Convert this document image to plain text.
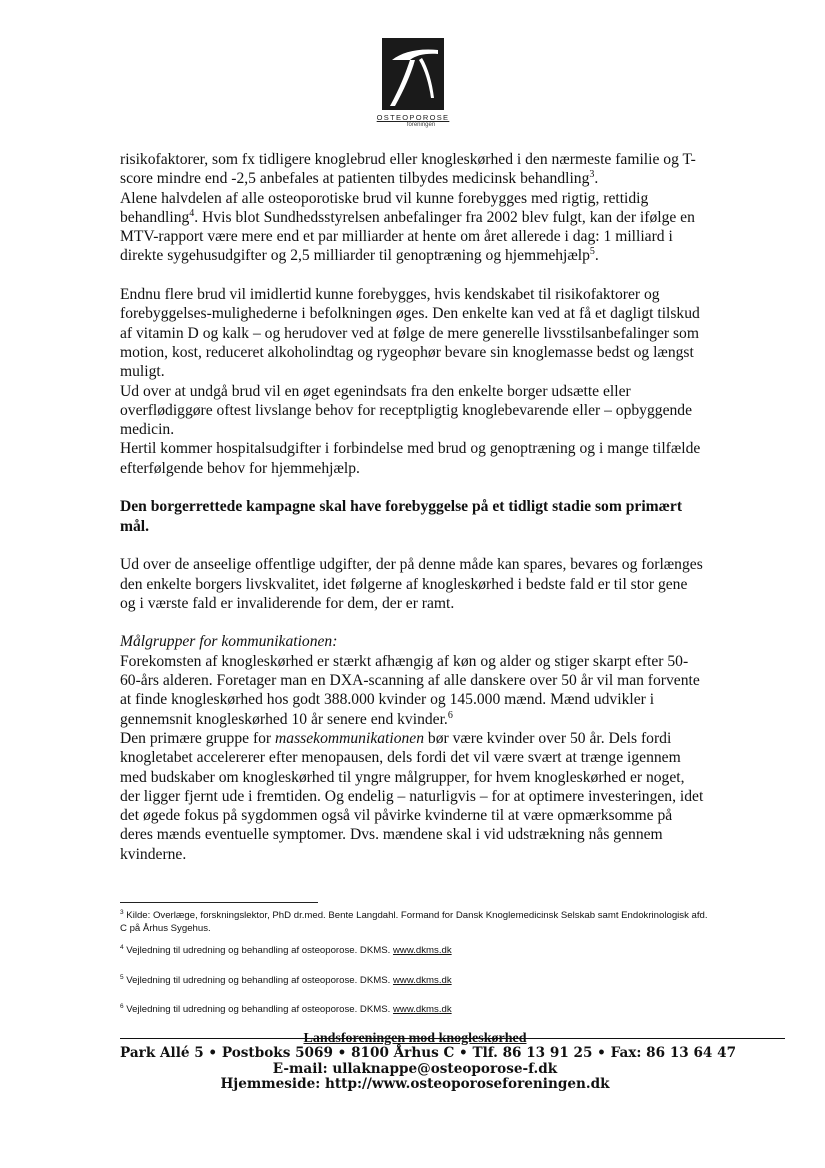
OSTEOPOROSE
foreningen

risikofaktorer, som fx tidligere knoglebrud eller knogleskørhed i den nærmeste familie og T-score mindre end -2,5 anbefales at patienten tilbydes medicinsk behandling$^3$.

Alene halvdelen af alle osteoporotiske brud vil kunne forebygges med rigtig, rettidig behandling$^4$. Hvis blot Sundhedsstyrelsen anbefalinger fra 2002 blev fulgt, kan der ifølge en MTV-rapport være mere end et par milliarder at hente om året allerede i dag: 1 milliard i direkte sygehusudgifter og 2,5 milliarder til genoptræning og hjemmehjælp$^5$.

Endnu flere brud vil imidlertid kunne forebygges, hvis kendskabet til risikofaktorer og forebyggelses-mulighederne i befolkningen øges. Den enkelte kan ved at få et dagligt tilskud af vitamin D og kalk – og herudover ved at følge de mere generelle livsstilsanbefalinger som motion, kost, reduceret alkoholindtag og rygeophør bevare sin knoglemasse bedst og længst muligt.

Ud over at undgå brud vil en øget egenindsats fra den enkelte borger udsætte eller overflødiggøre oftest livslange behov for receptpligtig knoglebevarende eller – opbyggende medicin.

Hertil kommer hospitalsudgifter i forbindelse med brud og genoptræning og i mange tilfælde efterfølgende behov for hjemmehjælp.

Den borgerrettede kampagne skal have forebyggelse på et tidligt stadie som primært mål.

Ud over de anseelige offentlige udgifter, der på denne måde kan spares, bevares og forlænges den enkelte borgers livskvalitet, idet følgerne af knogleskørhed i bedste fald er til stor gene og i værste fald er invaliderende for dem, der er ramt.

Målgrupper for kommunikationen:

Forekomsten af knogleskørhed er stærkt afhængig af køn og alder og stiger skarpt efter 50-60-års alderen. Foretager man en DXA-scanning af alle danskere over 50 år vil man forvente at finde knogleskørhed hos godt 388.000 kvinder og 145.000 mænd. Mænd udvikler i gennemsnit knogleskørhed 10 år senere end kvinder.$^6$

Den primære gruppe for massekommunikationen bør være kvinder over 50 år. Dels fordi knogletabet accelererer efter menopausen, dels fordi det vil være svært at trænge igennem med budskaber om knogleskørhed til yngre målgrupper, for hvem knogleskørhed er noget, der ligger fjernt ude i fremtiden. Og endelig – naturligvis – for at optimere investeringen, idet det øgede fokus på sygdommen også vil påvirke kvinderne til at være opmærksomme på deres mænds eventuelle symptomer. Dvs. mændene skal i vid udstrækning nås gennem kvinderne.

$^3$ Kilde: Overlæge, forskningslektor, PhD dr.med. Bente Langdahl. Formand for Dansk Knoglemedicinsk Selskab samt Endokrinologisk afd. C på Århus Sygehus.

$^4$ Vejledning til udredning og behandling af osteoporose. DKMS. www.dkms.dk

$^5$ Vejledning til udredning og behandling af osteoporose. DKMS. www.dkms.dk

$^6$ Vejledning til udredning og behandling af osteoporose. DKMS. www.dkms.dk

Landsforeningen mod knogleskørhed
Park Allé 5 • Postboks 5069 • 8100 Århus C • Tlf. 86 13 91 25 • Fax: 86 13 64 47
E-mail: ullaknappe@osteoporose-f.dk
Hjemmeside: http://www.osteoporoseforeningen.dk
